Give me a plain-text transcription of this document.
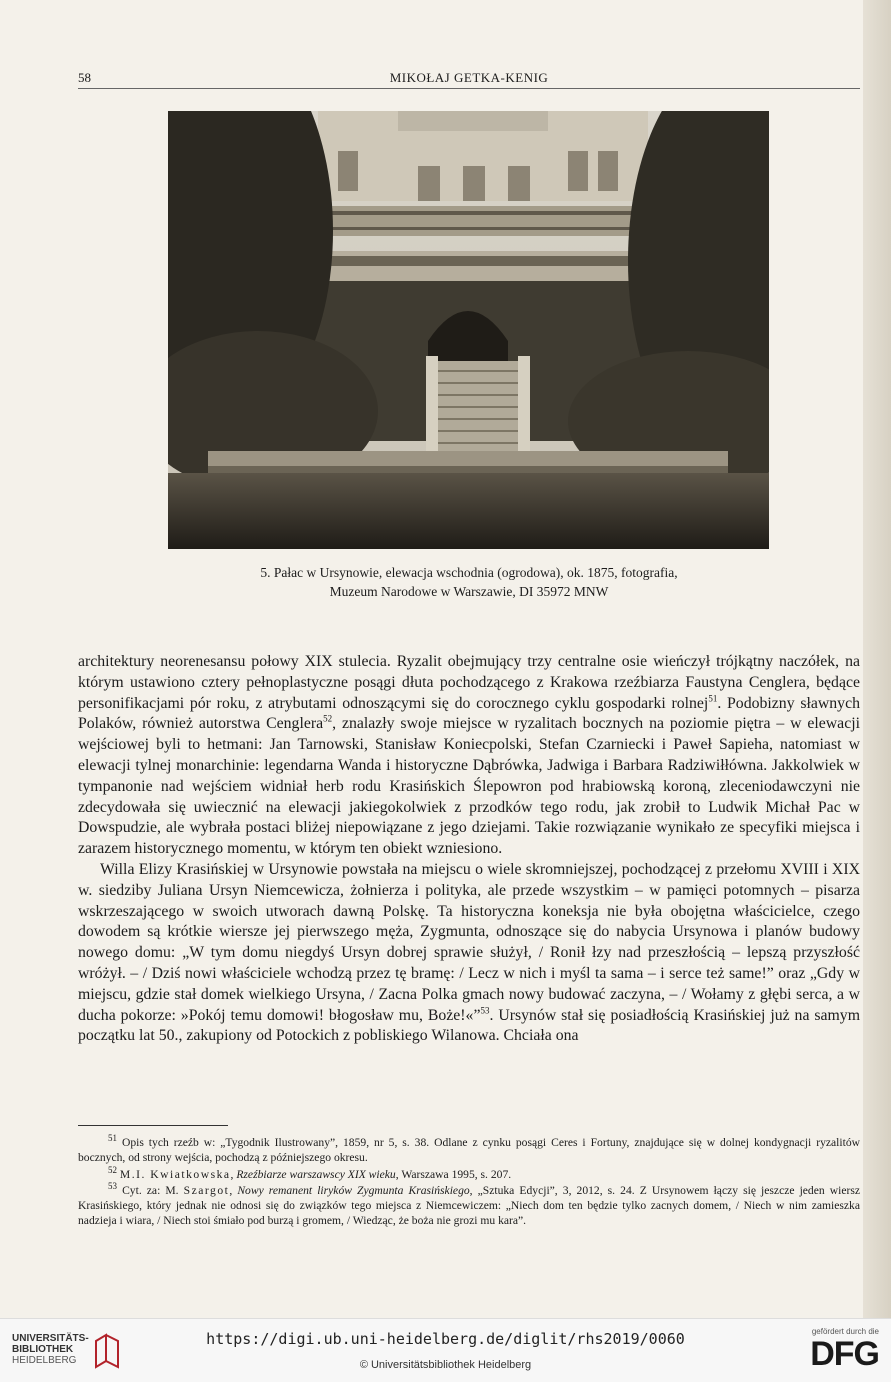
58	MIKOŁAJ GETKA-KENIG
5. Pałac w Ursynowie, elewacja wschodnia (ogrodowa), ok. 1875, fotografia,
Muzeum Narodowe w Warszawie, DI 35972 MNW

architektury neorenesansu połowy XIX stulecia. Ryzalit obejmujący trzy centralne osie wieńczył trójkątny naczółek, na którym ustawiono cztery pełnoplastyczne posągi dłuta pochodzącego z Krakowa rzeźbiarza Faustyna Cenglera, będące personifikacjami pór roku, z atrybutami odnoszącymi się do corocznego cyklu gospodarki rolnej$^{51}$. Podobizny sławnych Polaków, również autorstwa Cenglera$^{52}$, znalazły swoje miejsce w ryzalitach bocznych na poziomie piętra – w elewacji wejściowej byli to hetmani: Jan Tarnowski, Stanisław Koniecpolski, Stefan Czarniecki i Paweł Sapieha, natomiast w elewacji tylnej monarchinie: legendarna Wanda i historyczne Dąbrówka, Jadwiga i Barbara Radziwiłłówna. Jakkolwiek w tympanonie nad wejściem widniał herb rodu Krasińskich Ślepowron pod hrabiowską koroną, zleceniodawczyni nie zdecydowała się uwiecznić na elewacji jakiegokolwiek z przodków tego rodu, jak zrobił to Ludwik Michał Pac w Dowspudzie, ale wybrała postaci bliżej niepowiązane z jego dziejami. Takie rozwiązanie wynikało ze specyfiki miejsca i zarazem historycznego momentu, w którym ten obiekt wzniesiono.

Willa Elizy Krasińskiej w Ursynowie powstała na miejscu o wiele skromniejszej, pochodzącej z przełomu XVIII i XIX w. siedziby Juliana Ursyn Niemcewicza, żołnierza i polityka, ale przede wszystkim – w pamięci potomnych – pisarza wskrzeszającego w swoich utworach dawną Polskę. Ta historyczna koneksja nie była obojętna właścicielce, czego dowodem są krótkie wiersze jej pierwszego męża, Zygmunta, odnoszące się do nabycia Ursynowa i planów budowy nowego domu: „W tym domu niegdyś Ursyn dobrej sprawie służył, / Ronił łzy nad przeszłością – lepszą przyszłość wróżył. – / Dziś nowi właściciele wchodzą przez tę bramę: / Lecz w nich i myśl ta sama – i serce też same!” oraz „Gdy w miejscu, gdzie stał domek wielkiego Ursyna, / Zacna Polka gmach nowy budować zaczyna, – / Wołamy z głębi serca, a w ducha pokorze: »Pokój temu domowi! błogosław mu, Boże!«”$^{53}$. Ursynów stał się posiadłością Krasińskiej już na samym początku lat 50., zakupiony od Potockich z pobliskiego Wilanowa. Chciała ona

$^{51}$ Opis tych rzeźb w: „Tygodnik Ilustrowany”, 1859, nr 5, s. 38. Odlane z cynku posągi Ceres i Fortuny, znajdujące się w dolnej kondygnacji ryzalitów bocznych, od strony wejścia, pochodzą z późniejszego okresu.

$^{52}$ M.I. Kwiatkowska, Rzeźbiarze warszawscy XIX wieku, Warszawa 1995, s. 207.

$^{53}$ Cyt. za: M. Szargot, Nowy remanent liryków Zygmunta Krasińskiego, „Sztuka Edycji”, 3, 2012, s. 24. Z Ursynowem łączy się jeszcze jeden wiersz Krasińskiego, który jednak nie odnosi się do związków tego miejsca z Niemcewiczem: „Niech dom ten będzie tylko zacnych domem, / Niech w nim zamieszka nadzieja i wiara, / Niech stoi śmiało pod burzą i gromem, / Wiedząc, że boża nie grozi mu kara”.

UNIVERSITÄTS-
BIBLIOTHEK
HEIDELBERG
https://digi.ub.uni-heidelberg.de/diglit/rhs2019/0060
© Universitätsbibliothek Heidelberg
gefördert durch die
DFG
